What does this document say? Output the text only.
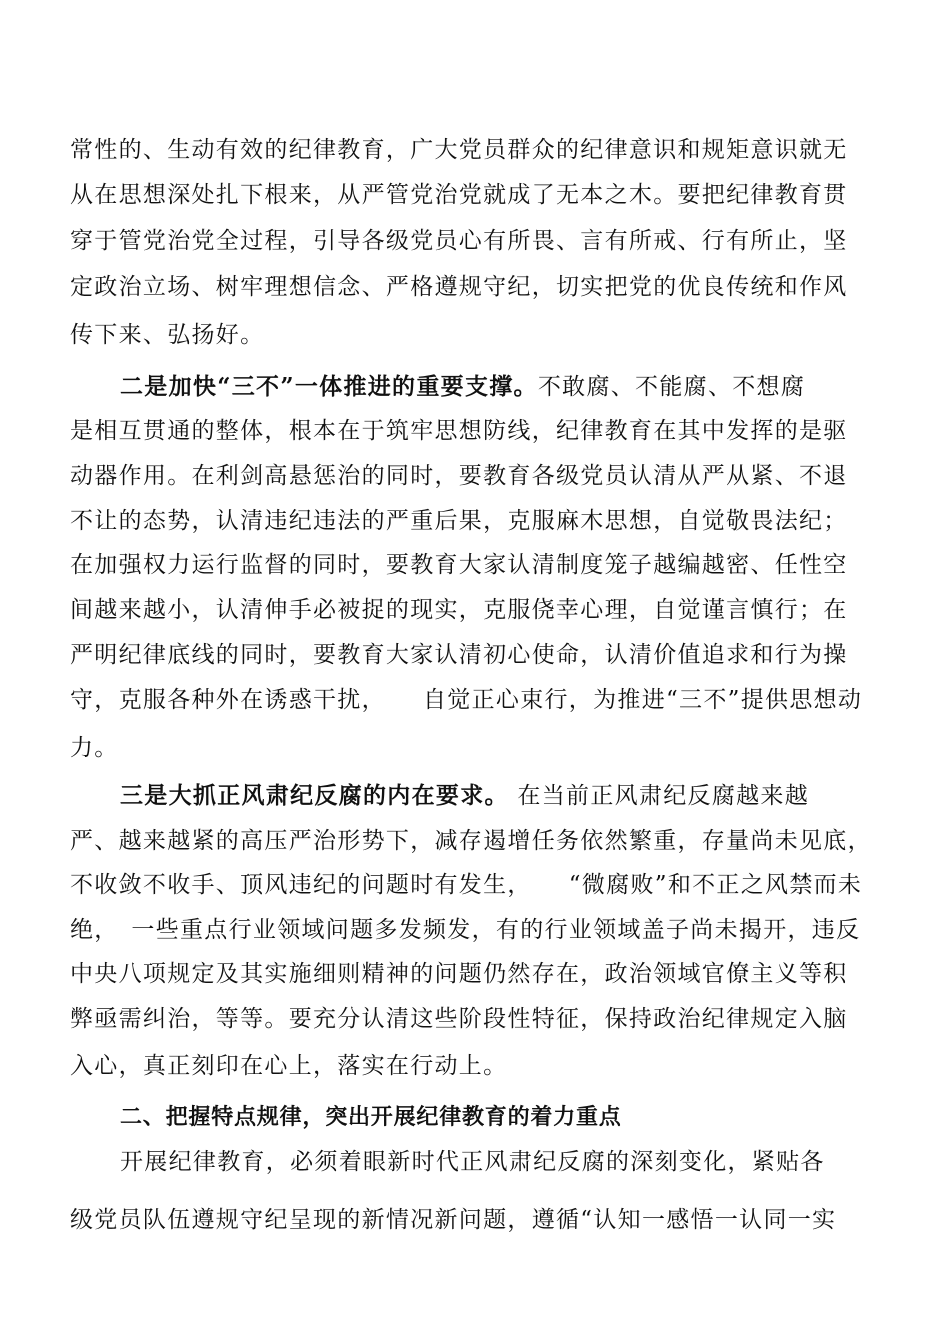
常性的、生动有效的纪律教育，广大党员群众的纪律意识和规矩意识就无
从在思想深处扎下根来，从严管党治党就成了无本之木。要把纪律教育贯
穿于管党治党全过程，引导各级党员心有所畏、言有所戒、行有所止，坚
定政治立场、树牢理想信念、严格遵规守纪，切实把党的优良传统和作风
传下来、弘扬好。
二是加快“三不”一体推进的重要支撑。不敢腐、不能腐、不想腐
是相互贯通的整体，根本在于筑牢思想防线，纪律教育在其中发挥的是驱
动器作用。在利剑高悬惩治的同时，要教育各级党员认清从严从紧、不退
不让的态势，认清违纪违法的严重后果，克服麻木思想，自觉敬畏法纪；
在加强权力运行监督的同时，要教育大家认清制度笼子越编越密、任性空
间越来越小，认清伸手必被捉的现实，克服侥幸心理，自觉谨言慎行；在
严明纪律底线的同时，要教育大家认清初心使命，认清价值追求和行为操
守，克服各种外在诱惑干扰，　　自觉正心束行，为推进“三不”提供思想动
力。
三是大抓正风肃纪反腐的内在要求。 在当前正风肃纪反腐越来越
严、越来越紧的高压严治形势下，减存遏增任务依然繁重，存量尚未见底，
不收敛不收手、顶风违纪的问题时有发生，　　“微腐败”和不正之风禁而未
绝，　一些重点行业领域问题多发频发，有的行业领域盖子尚未揭开，违反
中央八项规定及其实施细则精神的问题仍然存在，政治领域官僚主义等积
弊亟需纠治，等等。要充分认清这些阶段性特征，保持政治纪律规定入脑
入心，真正刻印在心上，落实在行动上。
二、把握特点规律，突出开展纪律教育的着力重点
开展纪律教育，必须着眼新时代正风肃纪反腐的深刻变化，紧贴各
级党员队伍遵规守纪呈现的新情况新问题，遵循“认知一感悟一认同一实
